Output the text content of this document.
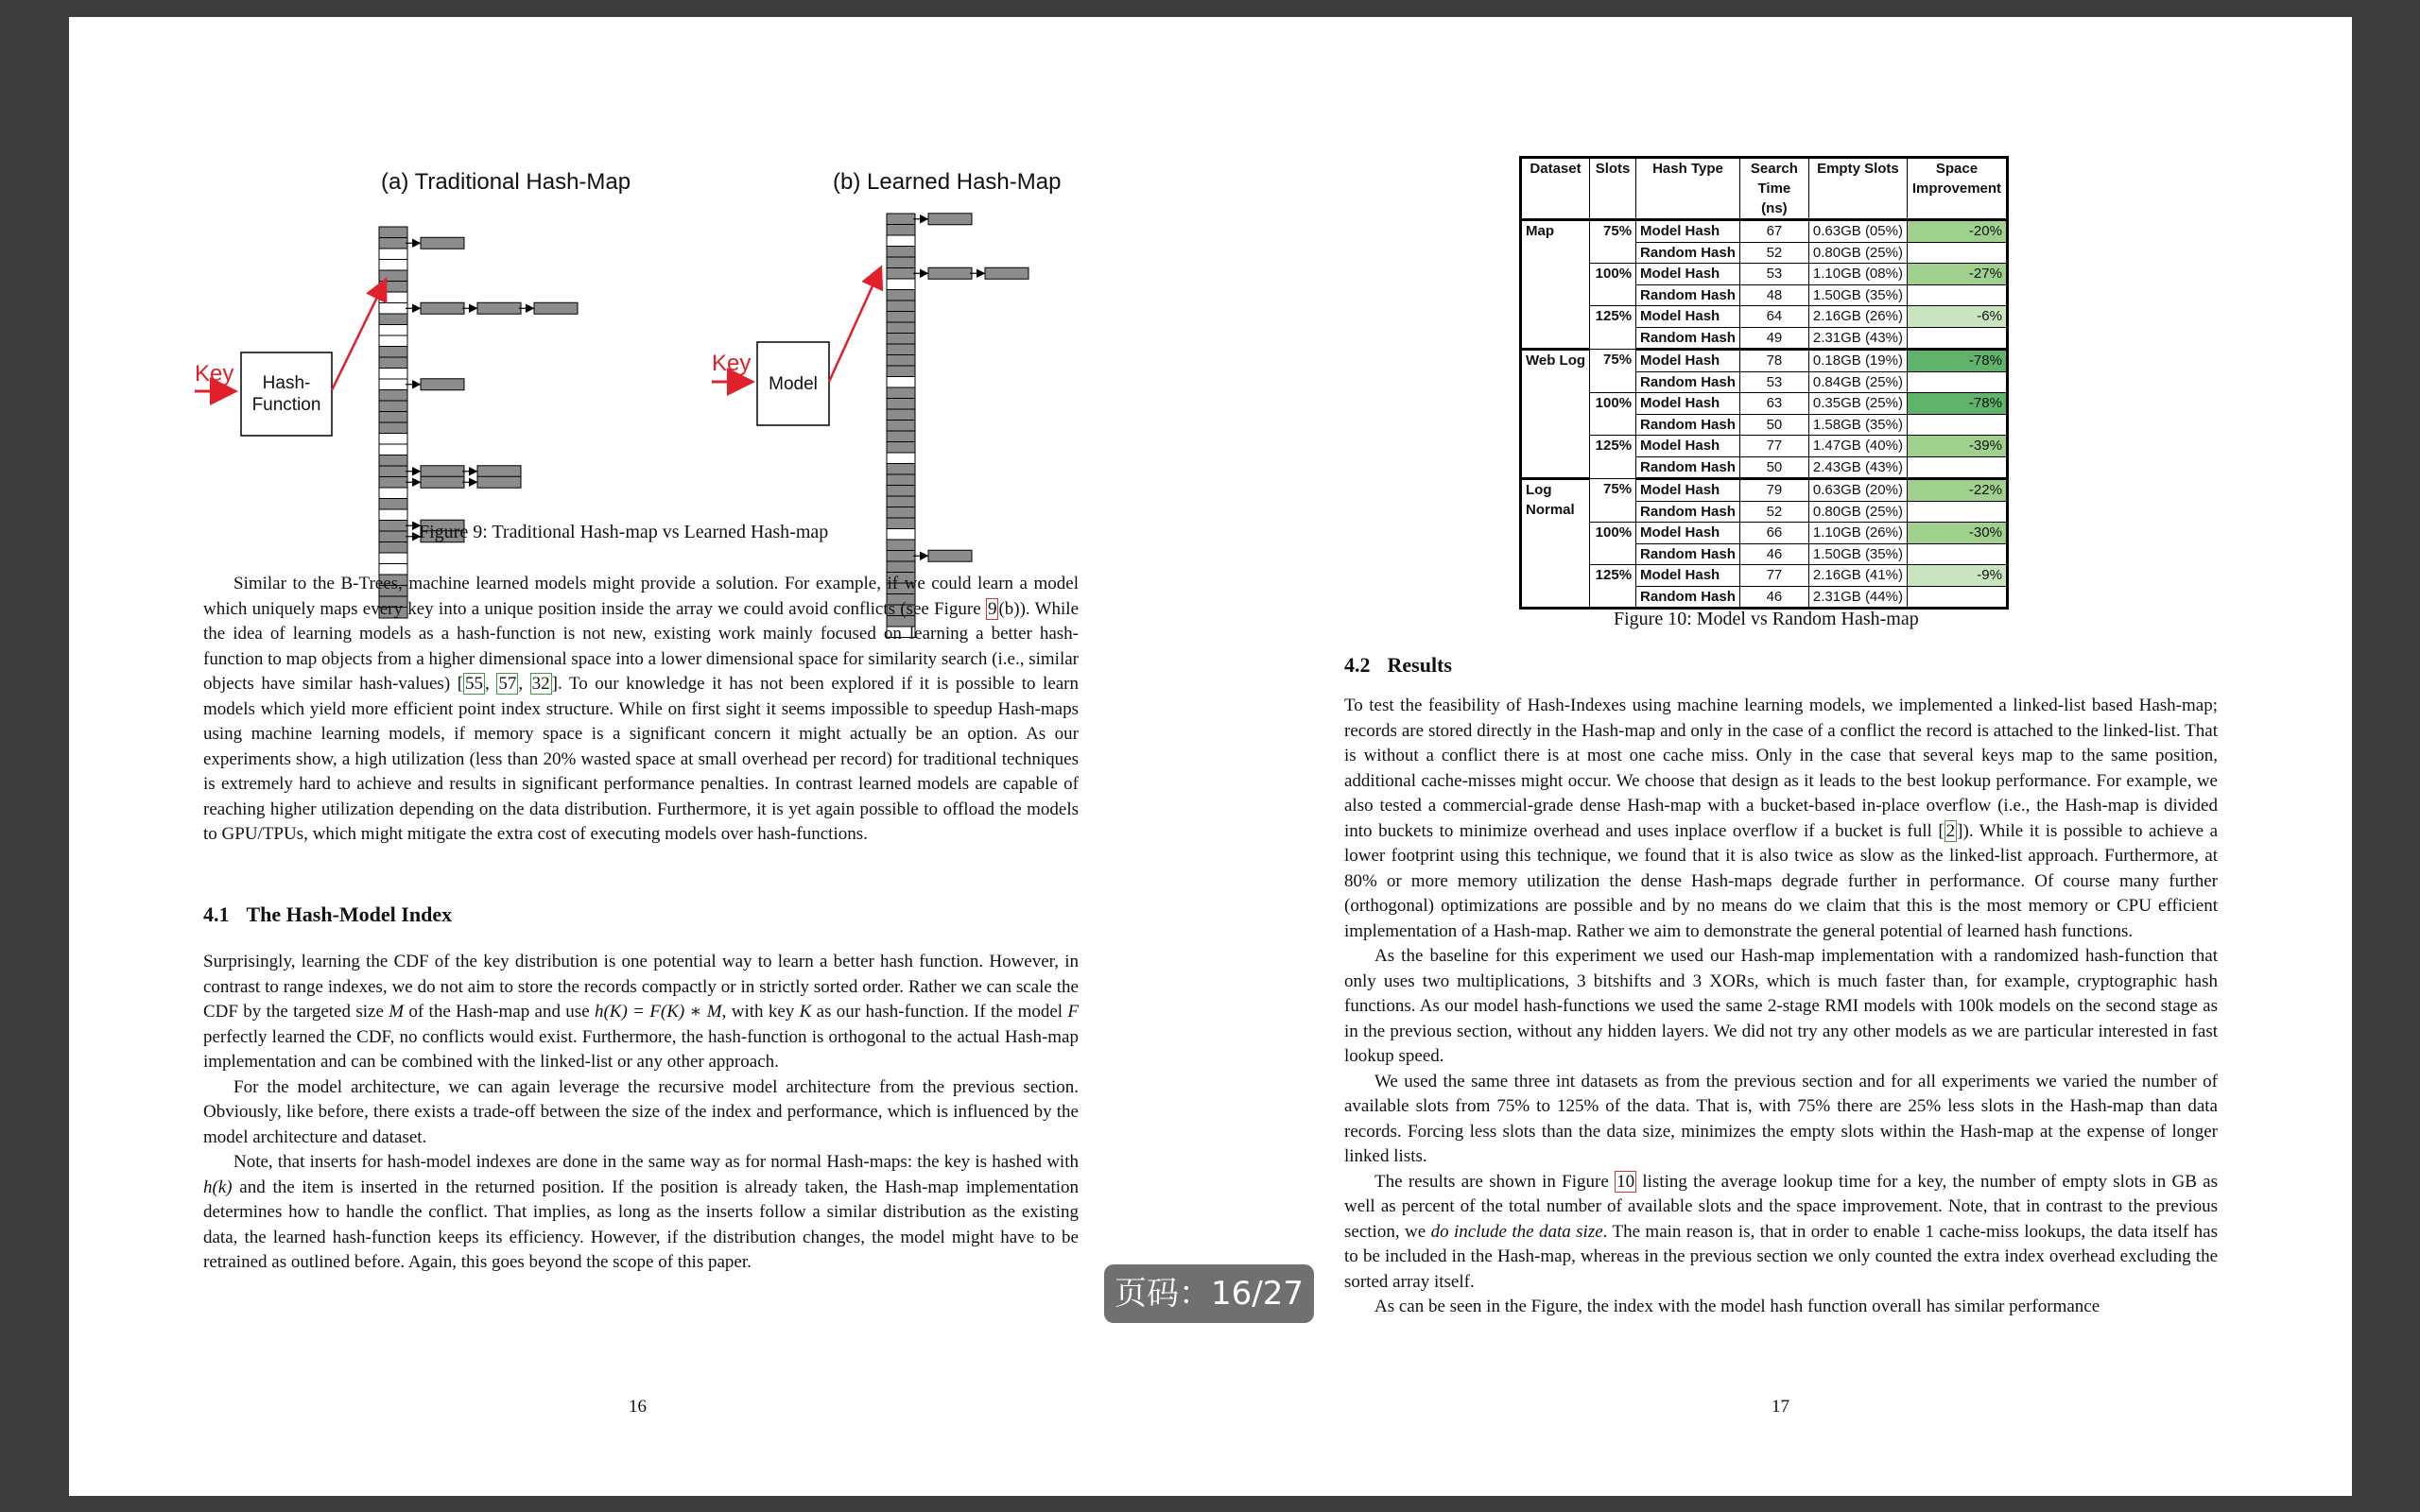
(a) Traditional Hash-Map	(b) Learned Hash-Map
Key Hash-
Function
Key
Model
Figure 9: Traditional Hash-map vs Learned Hash-map

Similar to the B-Trees, machine learned models might provide a solution. For example, if we could learn a model which uniquely maps every key into a unique position inside the array we could avoid conflicts (see Figure 9 (b)). While the idea of learning models as a hash-function is not new, existing work mainly focused on learning a better hash-function to map objects from a higher dimensional space into a lower dimensional space for similarity search (i.e., similar objects have similar hash-values) [ 55 , 57 , 32 ]. To our knowledge it has not been explored if it is possible to learn models which yield more efficient point index structure. While on first sight it seems impossible to speedup Hash-maps using machine learning models, if memory space is a significant concern it might actually be an option. As our experiments show, a high utilization (less than 20% wasted space at small overhead per record) for traditional techniques is extremely hard to achieve and results in significant performance penalties. In contrast learned models are capable of reaching higher utilization depending on the data distribution. Furthermore, it is yet again possible to offload the models to GPU/TPUs, which might mitigate the extra cost of executing models over hash-functions.

4.1 The Hash-Model Index

Surprisingly, learning the CDF of the key distribution is one potential way to learn a better hash function. However, in contrast to range indexes, we do not aim to store the records compactly or in strictly sorted order. Rather we can scale the CDF by the targeted size M of the Hash-map and use h(K) = F(K) ∗ M, with key K as our hash-function. If the model F perfectly learned the CDF, no conflicts would exist. Furthermore, the hash-function is orthogonal to the actual Hash-map implementation and can be combined with the linked-list or any other approach.

For the model architecture, we can again leverage the recursive model architecture from the previous section. Obviously, like before, there exists a trade-off between the size of the index and performance, which is influenced by the model architecture and dataset.

Note, that inserts for hash-model indexes are done in the same way as for normal Hash-maps: the key is hashed with h(k) and the item is inserted in the returned position. If the position is already taken, the Hash-map implementation determines how to handle the conflict. That implies, as long as the inserts follow a similar distribution as the existing data, the learned hash-function keeps its efficiency. However, if the distribution changes, the model might have to be retrained as outlined before. Again, this goes beyond the scope of this paper.

16
Dataset	Slots	Hash Type	Search Time (ns)	Empty Slots	Space Improvement
Map	75%	Model Hash	67	0.63GB (05%)	-20%
		Random Hash	52	0.80GB (25%)	
	100%	Model Hash	53	1.10GB (08%)	-27%
		Random Hash	48	1.50GB (35%)	
	125%	Model Hash	64	2.16GB (26%)	-6%
		Random Hash	49	2.31GB (43%)	
Web Log	75%	Model Hash	78	0.18GB (19%)	-78%
		Random Hash	53	0.84GB (25%)	
	100%	Model Hash	63	0.35GB (25%)	-78%
		Random Hash	50	1.58GB (35%)	
	125%	Model Hash	77	1.47GB (40%)	-39%
		Random Hash	50	2.43GB (43%)	
Log Normal	75%	Model Hash	79	0.63GB (20%)	-22%
		Random Hash	52	0.80GB (25%)	
	100%	Model Hash	66	1.10GB (26%)	-30%
		Random Hash	46	1.50GB (35%)	
	125%	Model Hash	77	2.16GB (41%)	-9%
		Random Hash	46	2.31GB (44%)	
Figure 10: Model vs Random Hash-map
4.2 Results

To test the feasibility of Hash-Indexes using machine learning models, we implemented a linked-list based Hash-map; records are stored directly in the Hash-map and only in the case of a conflict the record is attached to the linked-list. That is without a conflict there is at most one cache miss. Only in the case that several keys map to the same position, additional cache-misses might occur. We choose that design as it leads to the best lookup performance. For example, we also tested a commercial-grade dense Hash-map with a bucket-based in-place overflow (i.e., the Hash-map is divided into buckets to minimize overhead and uses inplace overflow if a bucket is full [ 2 ]). While it is possible to achieve a lower footprint using this technique, we found that it is also twice as slow as the linked-list approach. Furthermore, at 80% or more memory utilization the dense Hash-maps degrade further in performance. Of course many further (orthogonal) optimizations are possible and by no means do we claim that this is the most memory or CPU efficient implementation of a Hash-map. Rather we aim to demonstrate the general potential of learned hash functions.

As the baseline for this experiment we used our Hash-map implementation with a randomized hash-function that only uses two multiplications, 3 bitshifts and 3 XORs, which is much faster than, for example, cryptographic hash functions. As our model hash-functions we used the same 2-stage RMI models with 100k models on the second stage as in the previous section, without any hidden layers. We did not try any other models as we are particular interested in fast lookup speed.

We used the same three int datasets as from the previous section and for all experiments we varied the number of available slots from 75% to 125% of the data. That is, with 75% there are 25% less slots in the Hash-map than data records. Forcing less slots than the data size, minimizes the empty slots within the Hash-map at the expense of longer linked lists.

The results are shown in Figure 10 listing the average lookup time for a key, the number of empty slots in GB as well as percent of the total number of available slots and the space improvement. Note, that in contrast to the previous section, we do include the data size. The main reason is, that in order to enable 1 cache-miss lookups, the data itself has to be included in the Hash-map, whereas in the previous section we only counted the extra index overhead excluding the sorted array itself.

As can be seen in the Figure, the index with the model hash function overall has similar performance

17
页码：16/27
